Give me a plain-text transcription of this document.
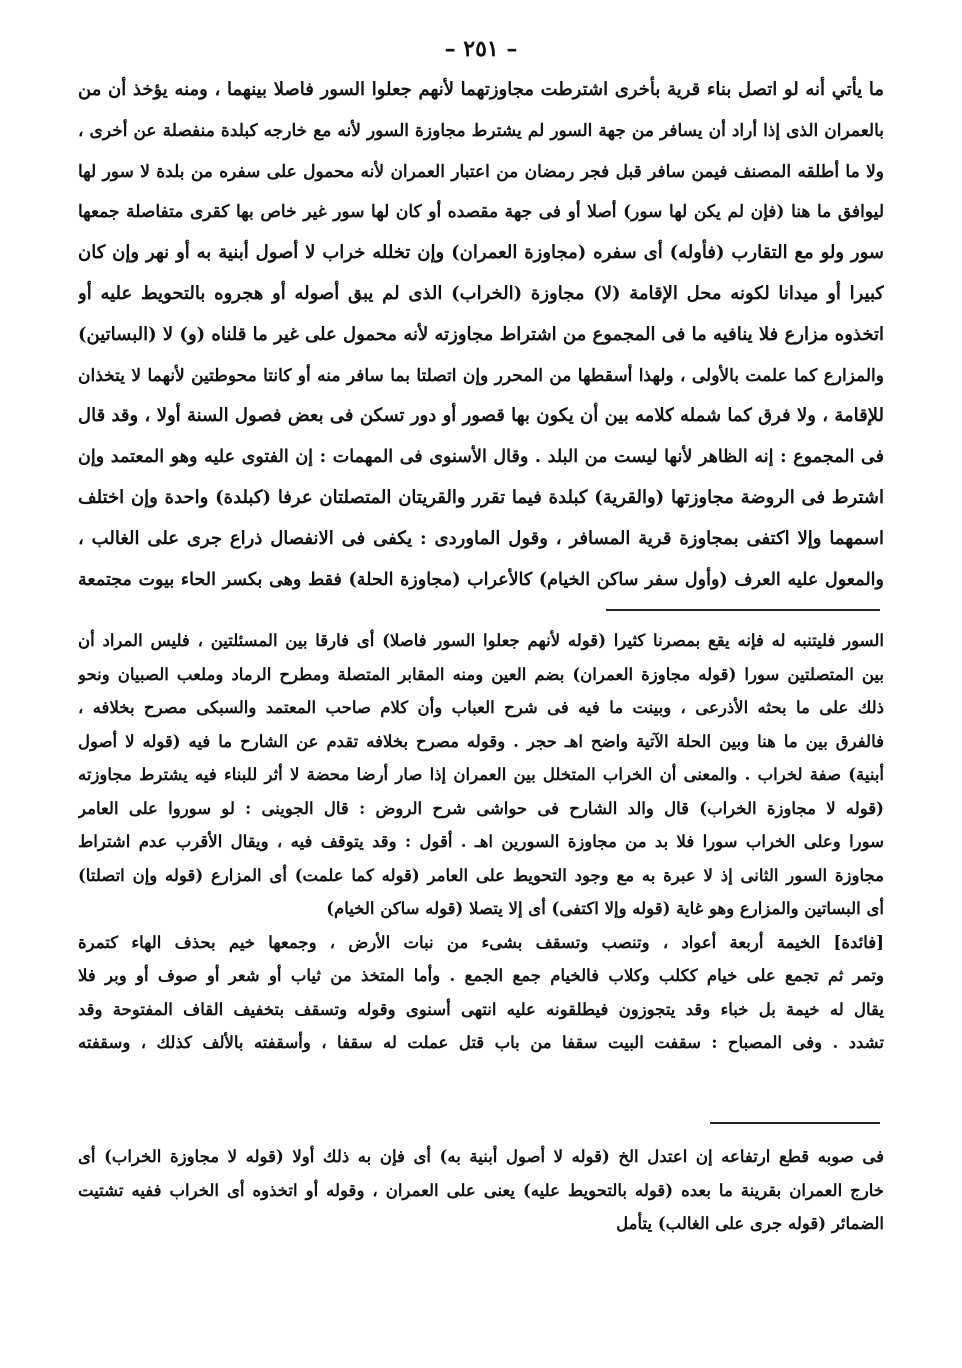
– ٢٥١ –
ما يأتي أنه لو اتصل بناء قرية بأخرى اشترطت مجاوزتهما لأنهم جعلوا السور فاصلا بينهما ، ومنه يؤخذ أن من
بالعمران الذى إذا أراد أن يسافر من جهة السور لم يشترط مجاوزة السور لأنه مع خارجه كبلدة منفصلة عن أخرى ،
ولا ما أطلقه المصنف فيمن سافر قبل فجر رمضان من اعتبار العمران لأنه محمول على سفره من بلدة لا سور لها
ليوافق ما هنا (فإن لم يكن لها سور) أصلا أو فى جهة مقصده أو كان لها سور غير خاص بها كقرى متفاصلة جمعها
سور ولو مع التقارب (فأوله) أى سفره (مجاوزة العمران) وإن تخلله خراب لا أصول أبنية به أو نهر وإن كان
كبيرا أو ميدانا لكونه محل الإقامة (لا) مجاوزة (الخراب) الذى لم يبق أصوله أو هجروه بالتحويط عليه أو
اتخذوه مزارع فلا ينافيه ما فى المجموع من اشتراط مجاوزته لأنه محمول على غير ما قلناه (و) لا (البساتين)
والمزارع كما علمت بالأولى ، ولهذا أسقطها من المحرر وإن اتصلتا بما سافر منه أو كانتا محوطتين لأنهما لا يتخذان
للإقامة ، ولا فرق كما شمله كلامه بين أن يكون بها قصور أو دور تسكن فى بعض فصول السنة أولا ، وقد قال
فى المجموع : إنه الظاهر لأنها ليست من البلد . وقال الأسنوى فى المهمات : إن الفتوى عليه وهو المعتمد وإن
اشترط فى الروضة مجاوزتها (والقرية) كبلدة فيما تقرر والقريتان المتصلتان عرفا (كبلدة) واحدة وإن اختلف
اسمهما وإلا اكتفى بمجاوزة قرية المسافر ، وقول الماوردى : يكفى فى الانفصال ذراع جرى على الغالب ،
والمعول عليه العرف (وأول سفر ساكن الخيام) كالأعراب (مجاوزة الحلة) فقط وهى بكسر الحاء بيوت مجتمعة
السور فليتنبه له فإنه يقع بمصرنا كثيرا (قوله لأنهم جعلوا السور فاصلا) أى فارقا بين المسئلتين ، فليس المراد أن
بين المتصلتين سورا (قوله مجاوزة العمران) بضم العين ومنه المقابر المتصلة ومطرح الرماد وملعب الصبيان ونحو
ذلك على ما بحثه الأذرعى ، وبينت ما فيه فى شرح العباب وأن كلام صاحب المعتمد والسبكى مصرح بخلافه ،
فالفرق بين ما هنا وبين الحلة الآتية واضح اهـ حجر . وقوله مصرح بخلافه تقدم عن الشارح ما فيه (قوله لا أصول
أبنية) صفة لخراب . والمعنى أن الخراب المتخلل بين العمران إذا صار أرضا محضة لا أثر للبناء فيه يشترط مجاوزته
(قوله لا مجاوزة الخراب) قال والد الشارح فى حواشى شرح الروض : قال الجوينى : لو سوروا على العامر
سورا وعلى الخراب سورا فلا بد من مجاوزة السورين اهـ . أقول : وقد يتوقف فيه ، ويقال الأقرب عدم اشتراط
مجاوزة السور الثانى إذ لا عبرة به مع وجود التحويط على العامر (قوله كما علمت) أى المزارع (قوله وإن اتصلتا)
أى البساتين والمزارع وهو غاية (قوله وإلا اكتفى) أى إلا يتصلا (قوله ساكن الخيام)
[فائدة] الخيمة أربعة أعواد ، وتنصب وتسقف بشىء من نبات الأرض ، وجمعها خيم بحذف الهاء كتمرة
وتمر ثم تجمع على خيام ككلب وكلاب فالخيام جمع الجمع . وأما المتخذ من ثياب أو شعر أو صوف أو وبر فلا
يقال له خيمة بل خباء وقد يتجوزون فيطلقونه عليه انتهى أسنوى وقوله وتسقف بتخفيف القاف المفتوحة وقد
تشدد . وفى المصباح : سقفت البيت سقفا من باب قتل عملت له سقفا ، وأسقفته بالألف كذلك ، وسقفته
فى صوبه قطع ارتفاعه إن اعتدل الخ (قوله لا أصول أبنية به) أى فإن به ذلك أولا (قوله لا مجاوزة الخراب) أى
خارج العمران بقرينة ما بعده (قوله بالتحويط عليه) يعنى على العمران ، وقوله أو اتخذوه أى الخراب ففيه تشتيت
الضمائر (قوله جرى على الغالب) يتأمل
